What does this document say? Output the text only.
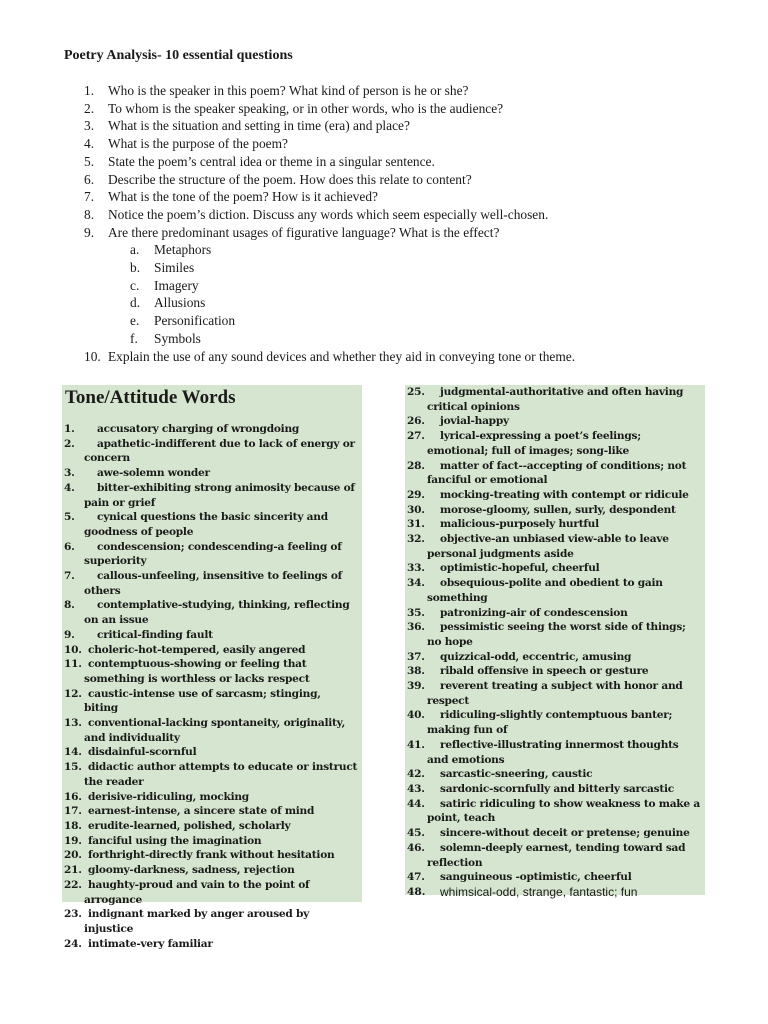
Poetry Analysis- 10 essential questions
1.	Who is the speaker in this poem? What kind of person is he or she?
2.	To whom is the speaker speaking, or in other words, who is the audience?
3.	What is the situation and setting in time (era) and place?
4.	What is the purpose of the poem?
5.	State the poem’s central idea or theme in a singular sentence.
6.	Describe the structure of the poem. How does this relate to content?
7.	What is the tone of the poem? How is it achieved?
8.	Notice the poem’s diction. Discuss any words which seem especially well-chosen.
9.	Are there predominant usages of figurative language? What is the effect?
a.	Metaphors
b.	Similes
c.	Imagery
d.	Allusions
e.	Personification
f.	Symbols
10. Explain the use of any sound devices and whether they aid in conveying tone or theme.
Tone/Attitude Words
1.	accusatory charging of wrongdoing
2.	apathetic-indifferent due to lack of energy or concern
3.	awe-solemn wonder
4.	bitter-exhibiting strong animosity because of pain or grief
5.	cynical questions the basic sincerity and goodness of people
6.	condescension; condescending-a feeling of superiority
7.	callous-unfeeling, insensitive to feelings of others
8.	contemplative-studying, thinking, reflecting on an issue
9.	critical-finding fault
10. choleric-hot-tempered, easily angered
11. contemptuous-showing or feeling that something is worthless or lacks respect
12. caustic-intense use of sarcasm; stinging, biting
13. conventional-lacking spontaneity, originality, and individuality
14. disdainful-scornful
15. didactic author attempts to educate or instruct the reader
16. derisive-ridiculing, mocking
17. earnest-intense, a sincere state of mind
18. erudite-learned, polished, scholarly
19. fanciful using the imagination
20. forthright-directly frank without hesitation
21. gloomy-darkness, sadness, rejection
22. haughty-proud and vain to the point of arrogance
23. indignant marked by anger aroused by injustice
24. intimate-very familiar
25.	judgmental-authoritative and often having critical opinions
26.	jovial-happy
27.	lyrical-expressing a poet’s feelings; emotional; full of images; song-like
28.	matter of fact--accepting of conditions; not fanciful or emotional
29.	mocking-treating with contempt or ridicule
30.	morose-gloomy, sullen, surly, despondent
31.	malicious-purposely hurtful
32.	objective-an unbiased view-able to leave personal judgments aside
33.	optimistic-hopeful, cheerful
34.	obsequious-polite and obedient to gain something
35.	patronizing-air of condescension
36.	pessimistic seeing the worst side of things; no hope
37.	quizzical-odd, eccentric, amusing
38.	ribald offensive in speech or gesture
39.	reverent treating a subject with honor and respect
40.	ridiculing-slightly contemptuous banter; making fun of
41.	reflective-illustrating innermost thoughts and emotions
42.	sarcastic-sneering, caustic
43.	sardonic-scornfully and bitterly sarcastic
44.	satiric ridiculing to show weakness to make a point, teach
45.	sincere-without deceit or pretense; genuine
46.	solemn-deeply earnest, tending toward sad reflection
47.	sanguineous -optimistic, cheerful
48.	whimsical-odd, strange, fantastic; fun
